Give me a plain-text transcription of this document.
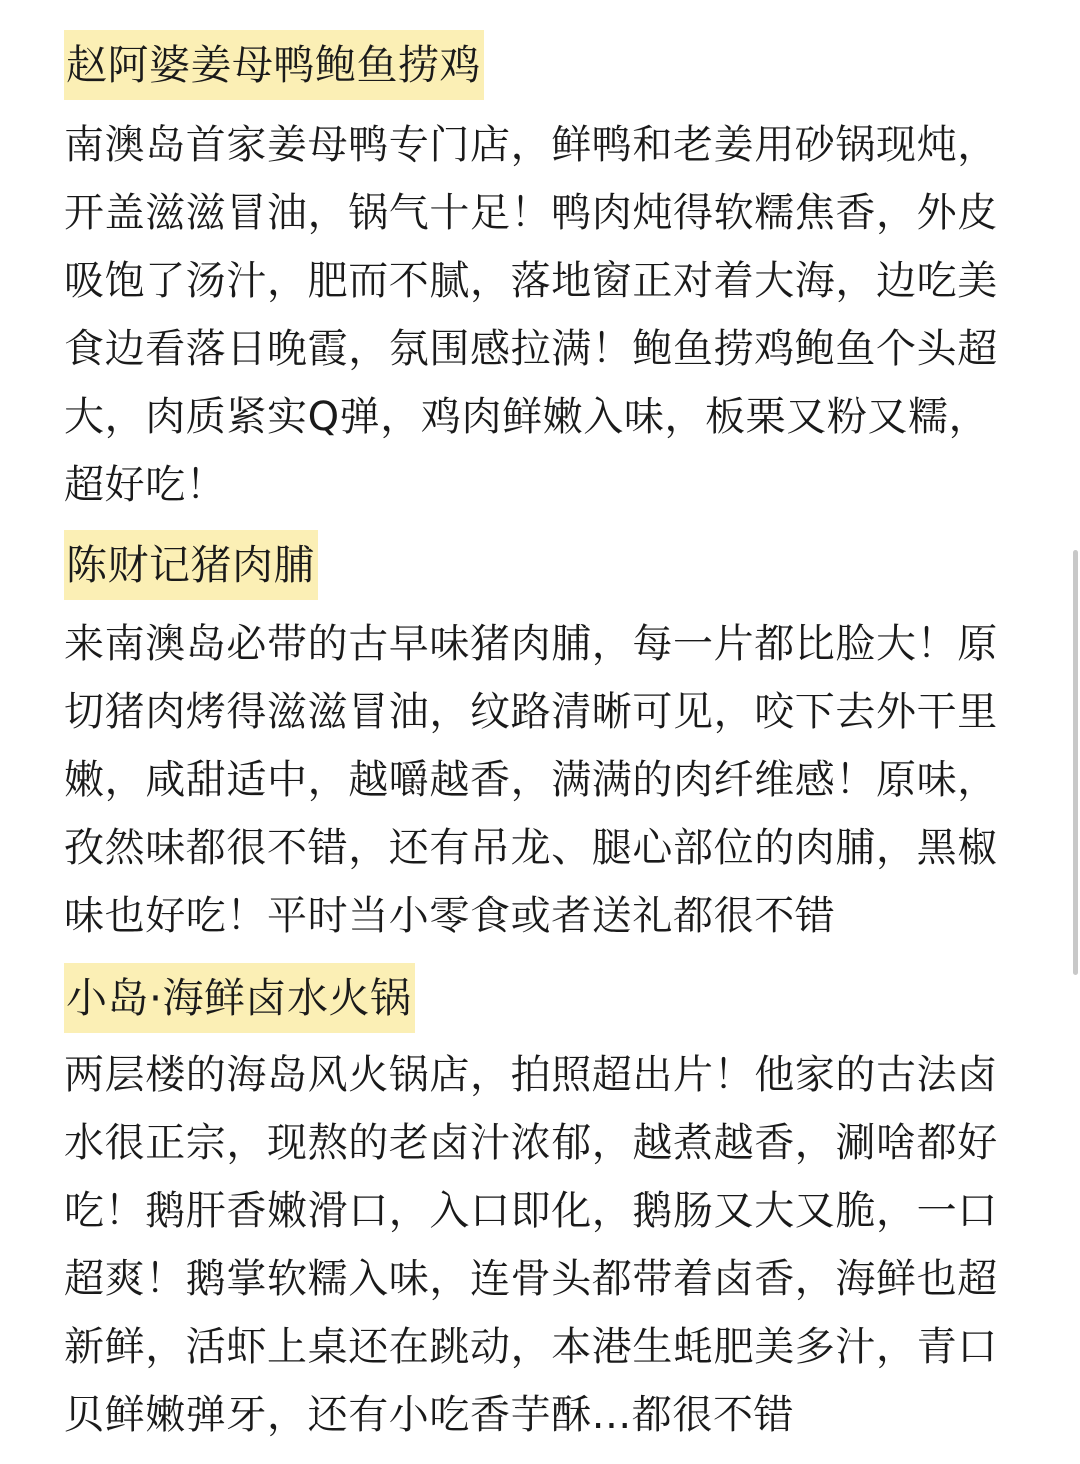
赵阿婆姜母鸭鲍鱼捞鸡

南澳岛首家姜母鸭专门店，鲜鸭和老姜用砂锅现炖，

开盖滋滋冒油，锅气十足！鸭肉炖得软糯焦香，外皮

吸饱了汤汁，肥而不腻，落地窗正对着大海，边吃美

食边看落日晚霞，氛围感拉满！鲍鱼捞鸡鲍鱼个头超

大，肉质紧实Q弹，鸡肉鲜嫩入味，板栗又粉又糯，

超好吃！

陈财记猪肉脯

来南澳岛必带的古早味猪肉脯，每一片都比脸大！原

切猪肉烤得滋滋冒油，纹路清晰可见，咬下去外干里

嫩，咸甜适中，越嚼越香，满满的肉纤维感！原味，

孜然味都很不错，还有吊龙、腿心部位的肉脯，黑椒

味也好吃！平时当小零食或者送礼都很不错

小岛·海鲜卤水火锅

两层楼的海岛风火锅店，拍照超出片！他家的古法卤

水很正宗，现熬的老卤汁浓郁，越煮越香，涮啥都好

吃！鹅肝香嫩滑口，入口即化，鹅肠又大又脆，一口

超爽！鹅掌软糯入味，连骨头都带着卤香，海鲜也超

新鲜，活虾上桌还在跳动，本港生蚝肥美多汁，青口

贝鲜嫩弹牙，还有小吃香芋酥...都很不错
